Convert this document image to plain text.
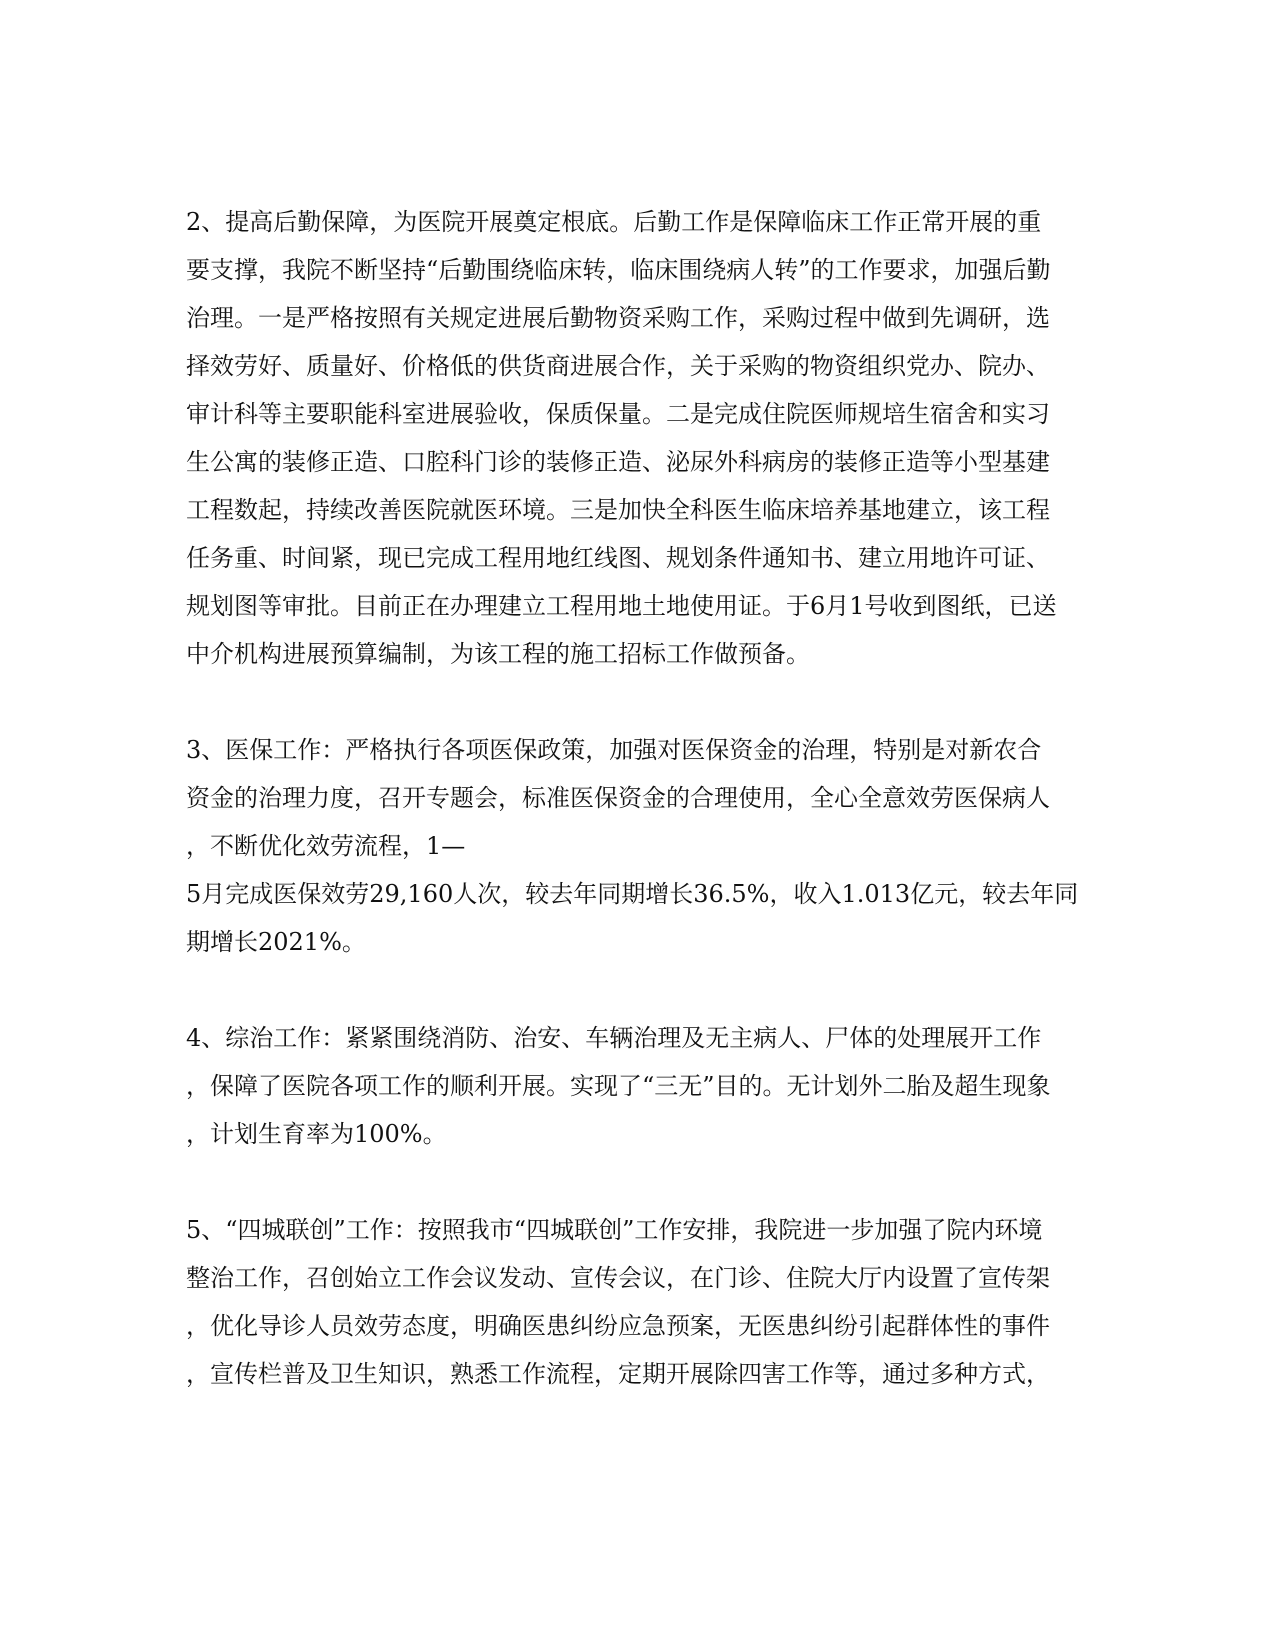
2、提高后勤保障，为医院开展奠定根底。后勤工作是保障临床工作正常开展的重
要支撑，我院不断坚持“后勤围绕临床转，临床围绕病人转”的工作要求，加强后勤
治理。一是严格按照有关规定进展后勤物资采购工作，采购过程中做到先调研，选
择效劳好、质量好、价格低的供货商进展合作，关于采购的物资组织党办、院办、
审计科等主要职能科室进展验收，保质保量。二是完成住院医师规培生宿舍和实习
生公寓的装修正造、口腔科门诊的装修正造、泌尿外科病房的装修正造等小型基建
工程数起，持续改善医院就医环境。三是加快全科医生临床培养基地建立，该工程
任务重、时间紧，现已完成工程用地红线图、规划条件通知书、建立用地许可证、
规划图等审批。目前正在办理建立工程用地土地使用证。于6月1号收到图纸，已送
中介机构进展预算编制，为该工程的施工招标工作做预备。
3、医保工作：严格执行各项医保政策，加强对医保资金的治理，特别是对新农合
资金的治理力度，召开专题会，标准医保资金的合理使用，全心全意效劳医保病人
，不断优化效劳流程，1—
5月完成医保效劳29,160人次，较去年同期增长36.5%，收入1.013亿元，较去年同
期增长2021%。
4、综治工作：紧紧围绕消防、治安、车辆治理及无主病人、尸体的处理展开工作
，保障了医院各项工作的顺利开展。实现了“三无”目的。无计划外二胎及超生现象
，计划生育率为100%。
5、“四城联创”工作：按照我市“四城联创”工作安排，我院进一步加强了院内环境
整治工作，召创始立工作会议发动、宣传会议，在门诊、住院大厅内设置了宣传架
，优化导诊人员效劳态度，明确医患纠纷应急预案，无医患纠纷引起群体性的事件
，宣传栏普及卫生知识，熟悉工作流程，定期开展除四害工作等，通过多种方式，
